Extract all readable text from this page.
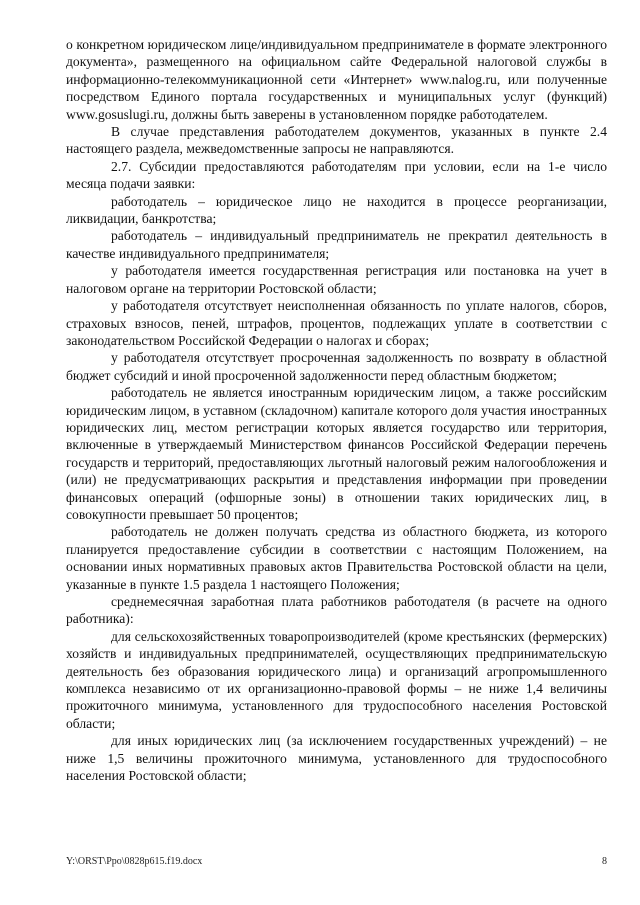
о конкретном юридическом лице/индивидуальном предпринимателе в формате электронного документа», размещенного на официальном сайте Федеральной налоговой службы в информационно-телекоммуникационной сети «Интернет» www.nalog.ru, или полученные посредством Единого портала государственных и муниципальных услуг (функций) www.gosuslugi.ru, должны быть заверены в установленном порядке работодателем.

В случае представления работодателем документов, указанных в пункте 2.4 настоящего раздела, межведомственные запросы не направляются.

2.7. Субсидии предоставляются работодателям при условии, если на 1-е число месяца подачи заявки:

работодатель – юридическое лицо не находится в процессе реорганизации, ликвидации, банкротства;

работодатель – индивидуальный предприниматель не прекратил деятельность в качестве индивидуального предпринимателя;

у работодателя имеется государственная регистрация или постановка на учет в налоговом органе на территории Ростовской области;

у работодателя отсутствует неисполненная обязанность по уплате налогов, сборов, страховых взносов, пеней, штрафов, процентов, подлежащих уплате в соответствии с законодательством Российской Федерации о налогах и сборах;

у работодателя отсутствует просроченная задолженность по возврату в областной бюджет субсидий и иной просроченной задолженности перед областным бюджетом;

работодатель не является иностранным юридическим лицом, а также российским юридическим лицом, в уставном (складочном) капитале которого доля участия иностранных юридических лиц, местом регистрации которых является государство или территория, включенные в утверждаемый Министерством финансов Российской Федерации перечень государств и территорий, предоставляющих льготный налоговый режим налогообложения и (или) не предусматривающих раскрытия и представления информации при проведении финансовых операций (офшорные зоны) в отношении таких юридических лиц, в совокупности превышает 50 процентов;

работодатель не должен получать средства из областного бюджета, из которого планируется предоставление субсидии в соответствии с настоящим Положением, на основании иных нормативных правовых актов Правительства Ростовской области на цели, указанные в пункте 1.5 раздела 1 настоящего Положения;

среднемесячная заработная плата работников работодателя (в расчете на одного работника):

для сельскохозяйственных товаропроизводителей (кроме крестьянских (фермерских) хозяйств и индивидуальных предпринимателей, осуществляющих предпринимательскую деятельность без образования юридического лица) и организаций агропромышленного комплекса независимо от их организационно-правовой формы – не ниже 1,4 величины прожиточного минимума, установленного для трудоспособного населения Ростовской области;

для иных юридических лиц (за исключением государственных учреждений) – не ниже 1,5 величины прожиточного минимума, установленного для трудоспособного населения Ростовской области;

Y:\ORST\Ppo\0828p615.f19.docx	8
